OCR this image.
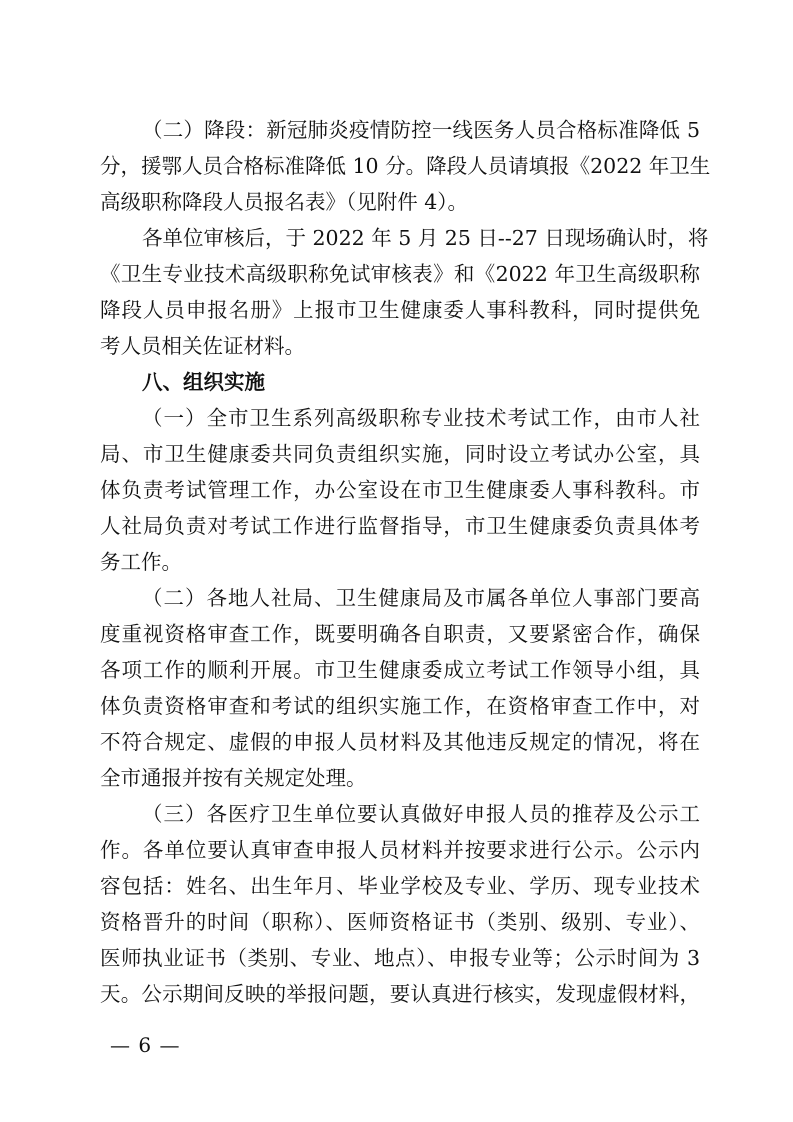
（二）降段：新冠肺炎疫情防控一线医务人员合格标准降低 5
分，援鄂人员合格标准降低 10 分。降段人员请填报《2022 年卫生
高级职称降段人员报名表》（见附件 4）。
各单位审核后，于 2022 年 5 月 25 日--27 日现场确认时，将
《卫生专业技术高级职称免试审核表》和《2022 年卫生高级职称
降段人员申报名册》上报市卫生健康委人事科教科，同时提供免
考人员相关佐证材料。
八、组织实施
（一）全市卫生系列高级职称专业技术考试工作，由市人社
局、市卫生健康委共同负责组织实施，同时设立考试办公室，具
体负责考试管理工作，办公室设在市卫生健康委人事科教科。市
人社局负责对考试工作进行监督指导，市卫生健康委负责具体考
务工作。
（二）各地人社局、卫生健康局及市属各单位人事部门要高
度重视资格审查工作，既要明确各自职责，又要紧密合作，确保
各项工作的顺利开展。市卫生健康委成立考试工作领导小组，具
体负责资格审查和考试的组织实施工作，在资格审查工作中，对
不符合规定、虚假的申报人员材料及其他违反规定的情况，将在
全市通报并按有关规定处理。
（三）各医疗卫生单位要认真做好申报人员的推荐及公示工
作。各单位要认真审查申报人员材料并按要求进行公示。公示内
容包括：姓名、出生年月、毕业学校及专业、学历、现专业技术
资格晋升的时间（职称）、医师资格证书（类别、级别、专业）、
医师执业证书（类别、专业、地点）、申报专业等；公示时间为 3
天。公示期间反映的举报问题，要认真进行核实，发现虚假材料，
— 6 —
